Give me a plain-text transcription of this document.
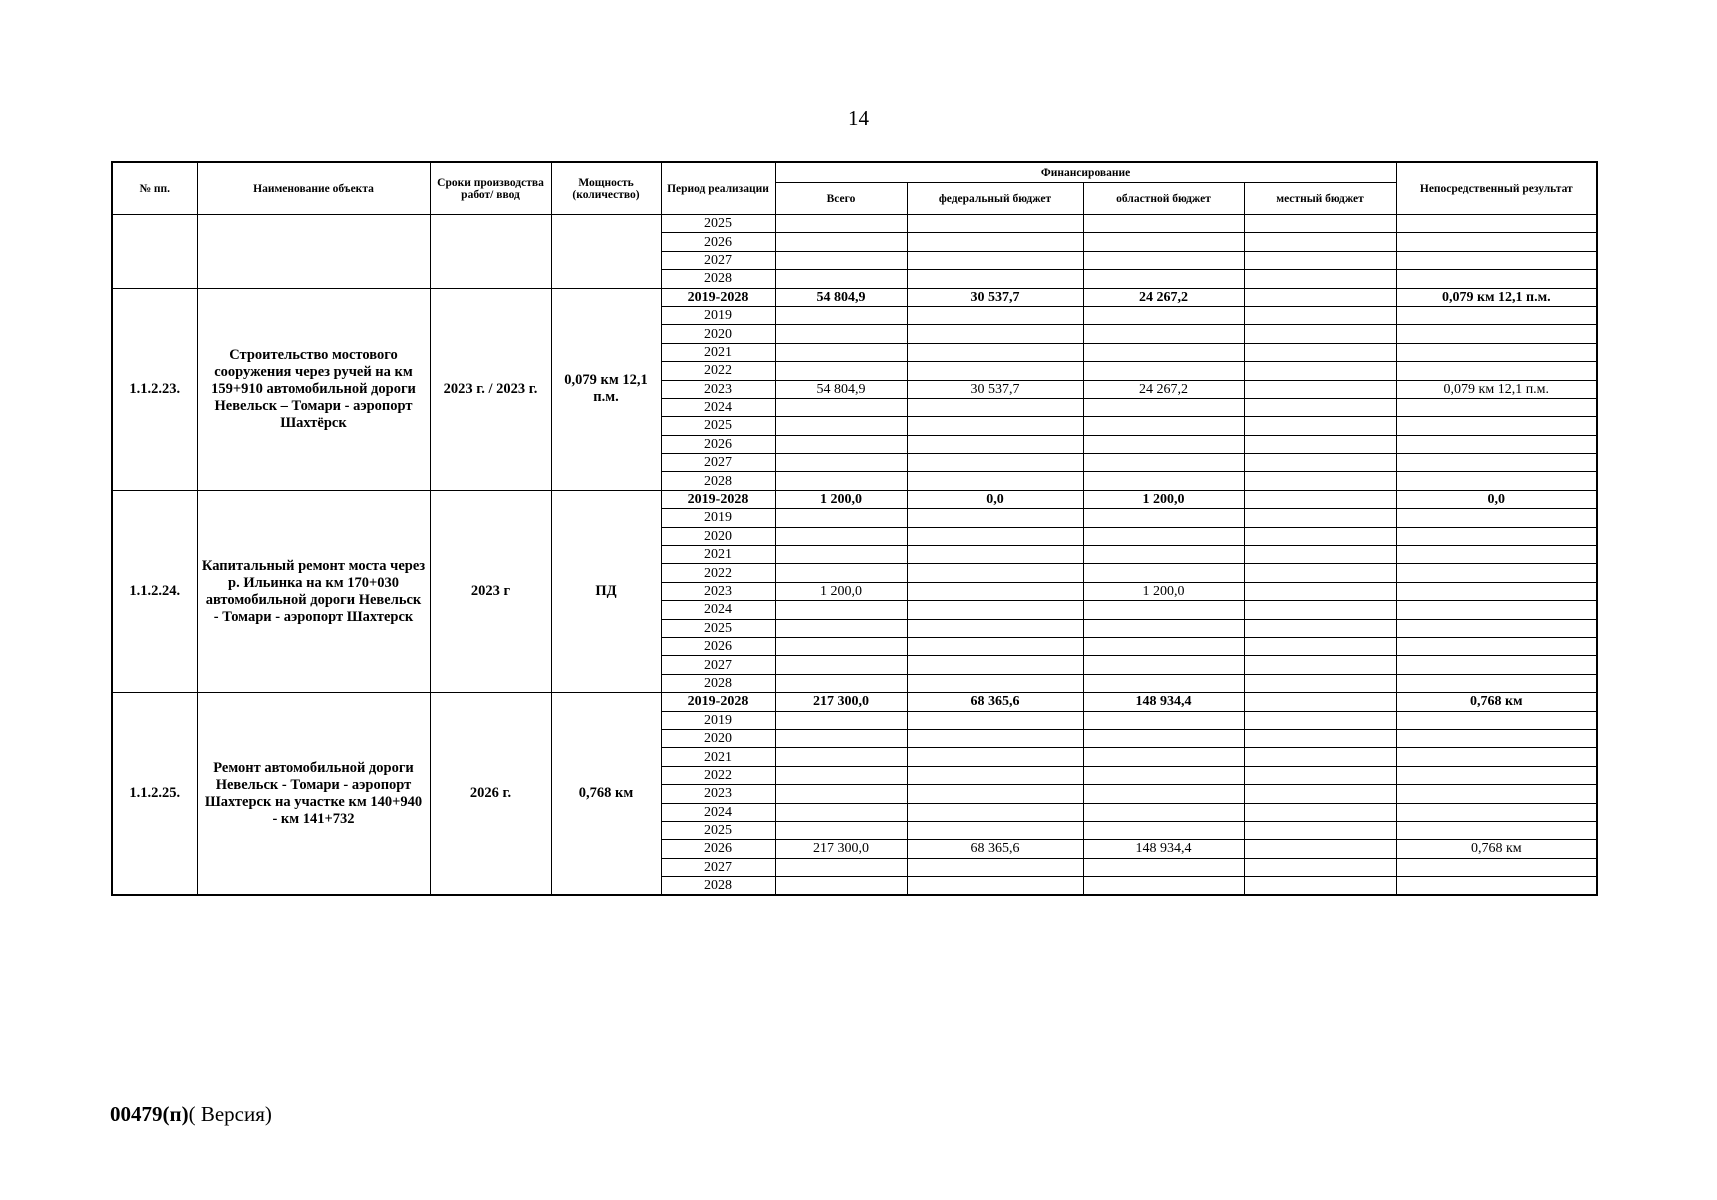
14
№ пп.	Наименование объекта	Сроки производства работ/ ввод	Мощность (количество)	Период реализации	Финансирование				Непосредственный результат
					Всего	федеральный бюджет	областной бюджет	местный бюджет	
				2025					
				2026					
				2027					
				2028					
1.1.2.23.	Строительство мостового сооружения через ручей на км 159+910 автомобильной дороги Невельск – Томари - аэропорт Шахтёрск	2023 г. / 2023 г.	0,079 км 12,1 п.м.	2019-2028	54 804,9	30 537,7	24 267,2		0,079 км 12,1 п.м.
				2019					
				2020					
				2021					
				2022					
				2023	54 804,9	30 537,7	24 267,2		0,079 км 12,1 п.м.
				2024					
				2025					
				2026					
				2027					
				2028					
1.1.2.24.	Капитальный ремонт моста через р. Ильинка на км 170+030 автомобильной дороги Невельск - Томари - аэропорт Шахтерск	2023 г	ПД	2019-2028	1 200,0	0,0	1 200,0		0,0
				2019					
				2020					
				2021					
				2022					
				2023	1 200,0		1 200,0		
				2024					
				2025					
				2026					
				2027					
				2028					
1.1.2.25.	Ремонт автомобильной дороги Невельск - Томари - аэропорт Шахтерск на участке км 140+940 - км 141+732	2026 г.	0,768 км	2019-2028	217 300,0	68 365,6	148 934,4		0,768 км
				2019					
				2020					
				2021					
				2022					
				2023					
				2024					
				2025					
				2026	217 300,0	68 365,6	148 934,4		0,768 км
				2027					
				2028					
00479(п)( Версия)
